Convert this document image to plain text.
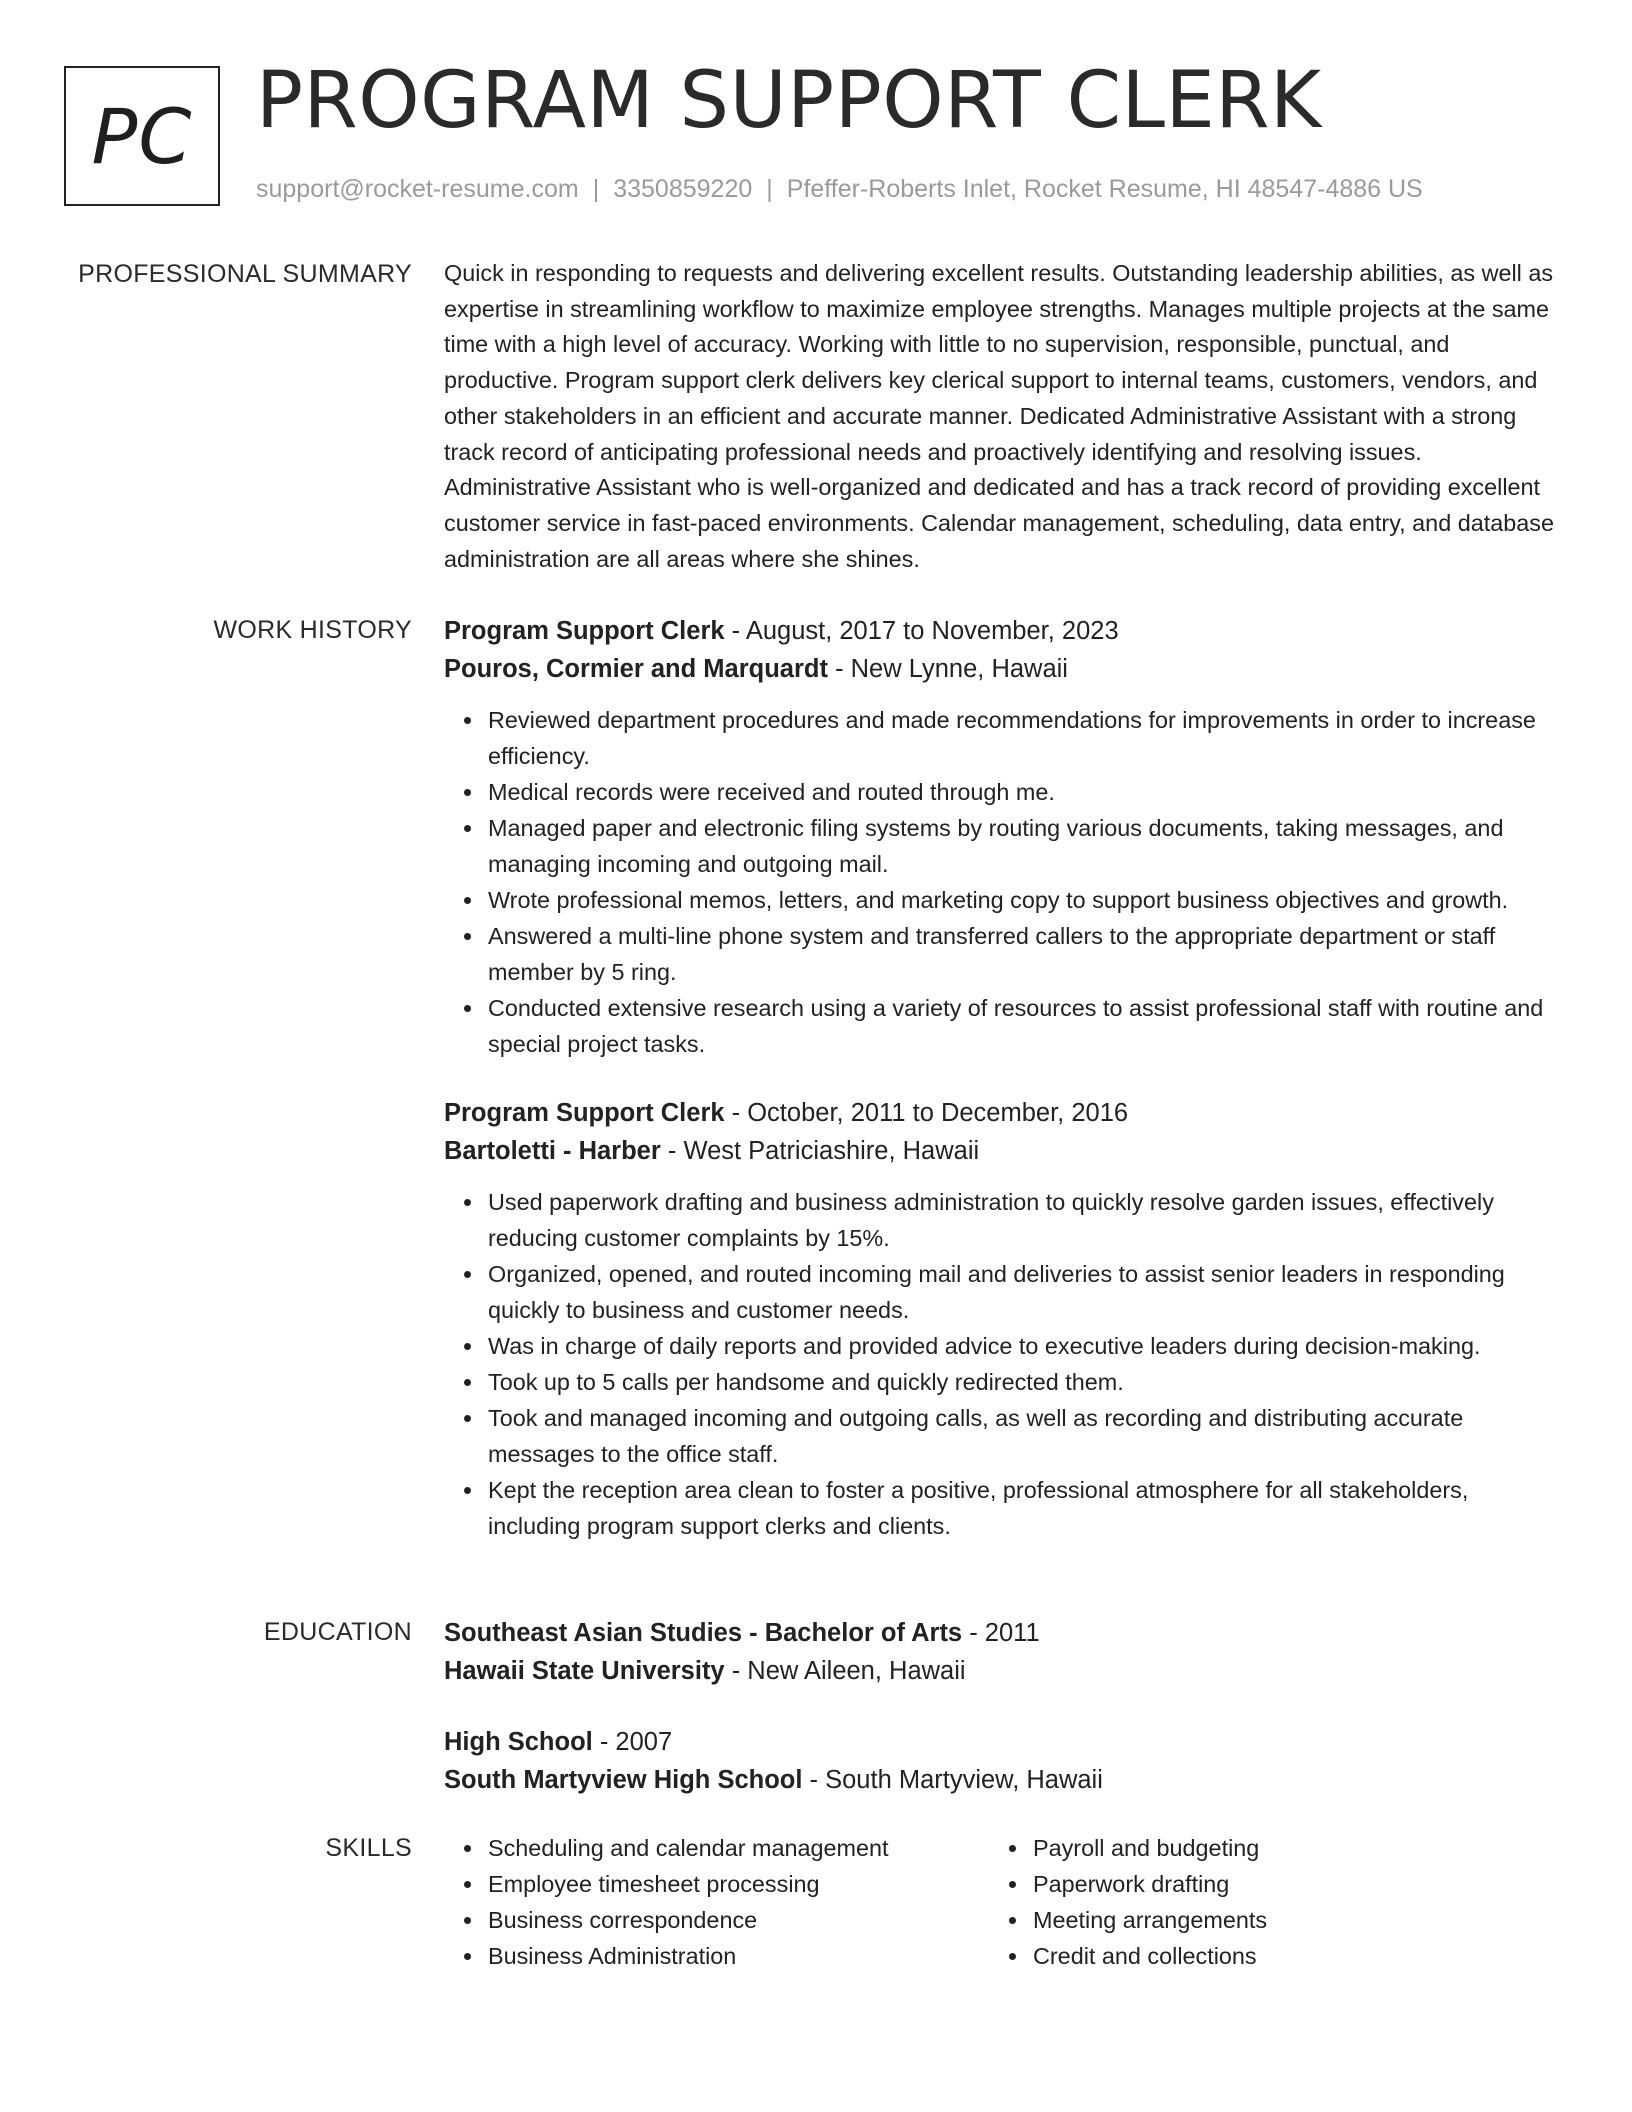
PC PROGRAM SUPPORT CLERK
support@rocket-resume.com | 3350859220 | Pfeffer-Roberts Inlet, Rocket Resume, HI 48547-4886 US
PROFESSIONAL SUMMARY Quick in responding to requests and delivering excellent results. Outstanding leadership abilities, as well as expertise in streamlining workflow to maximize employee strengths. Manages multiple projects at the same time with a high level of accuracy. Working with little to no supervision, responsible, punctual, and productive. Program support clerk delivers key clerical support to internal teams, customers, vendors, and other stakeholders in an efficient and accurate manner. Dedicated Administrative Assistant with a strong track record of anticipating professional needs and proactively identifying and resolving issues. Administrative Assistant who is well-organized and dedicated and has a track record of providing excellent customer service in fast-paced environments. Calendar management, scheduling, data entry, and database administration are all areas where she shines.

WORK HISTORY Program Support Clerk - August, 2017 to November, 2023
Pouros, Cormier and Marquardt - New Lynne, Hawaii
Reviewed department procedures and made recommendations for improvements in order to increase efficiency.
Medical records were received and routed through me.
Managed paper and electronic filing systems by routing various documents, taking messages, and managing incoming and outgoing mail.
Wrote professional memos, letters, and marketing copy to support business objectives and growth.
Answered a multi-line phone system and transferred callers to the appropriate department or staff member by 5 ring.
Conducted extensive research using a variety of resources to assist professional staff with routine and special project tasks.
Program Support Clerk - October, 2011 to December, 2016
Bartoletti - Harber - West Patriciashire, Hawaii
Used paperwork drafting and business administration to quickly resolve garden issues, effectively reducing customer complaints by 15%.
Organized, opened, and routed incoming mail and deliveries to assist senior leaders in responding quickly to business and customer needs.
Was in charge of daily reports and provided advice to executive leaders during decision-making.
Took up to 5 calls per handsome and quickly redirected them.
Took and managed incoming and outgoing calls, as well as recording and distributing accurate messages to the office staff.
Kept the reception area clean to foster a positive, professional atmosphere for all stakeholders, including program support clerks and clients.
EDUCATION Southeast Asian Studies - Bachelor of Arts - 2011
Hawaii State University - New Aileen, Hawaii
High School - 2007
South Martyview High School - South Martyview, Hawaii
SKILLS	Scheduling and calendar management
Employee timesheet processing
Business correspondence
Business Administration
Payroll and budgeting
Paperwork drafting
Meeting arrangements
Credit and collections
